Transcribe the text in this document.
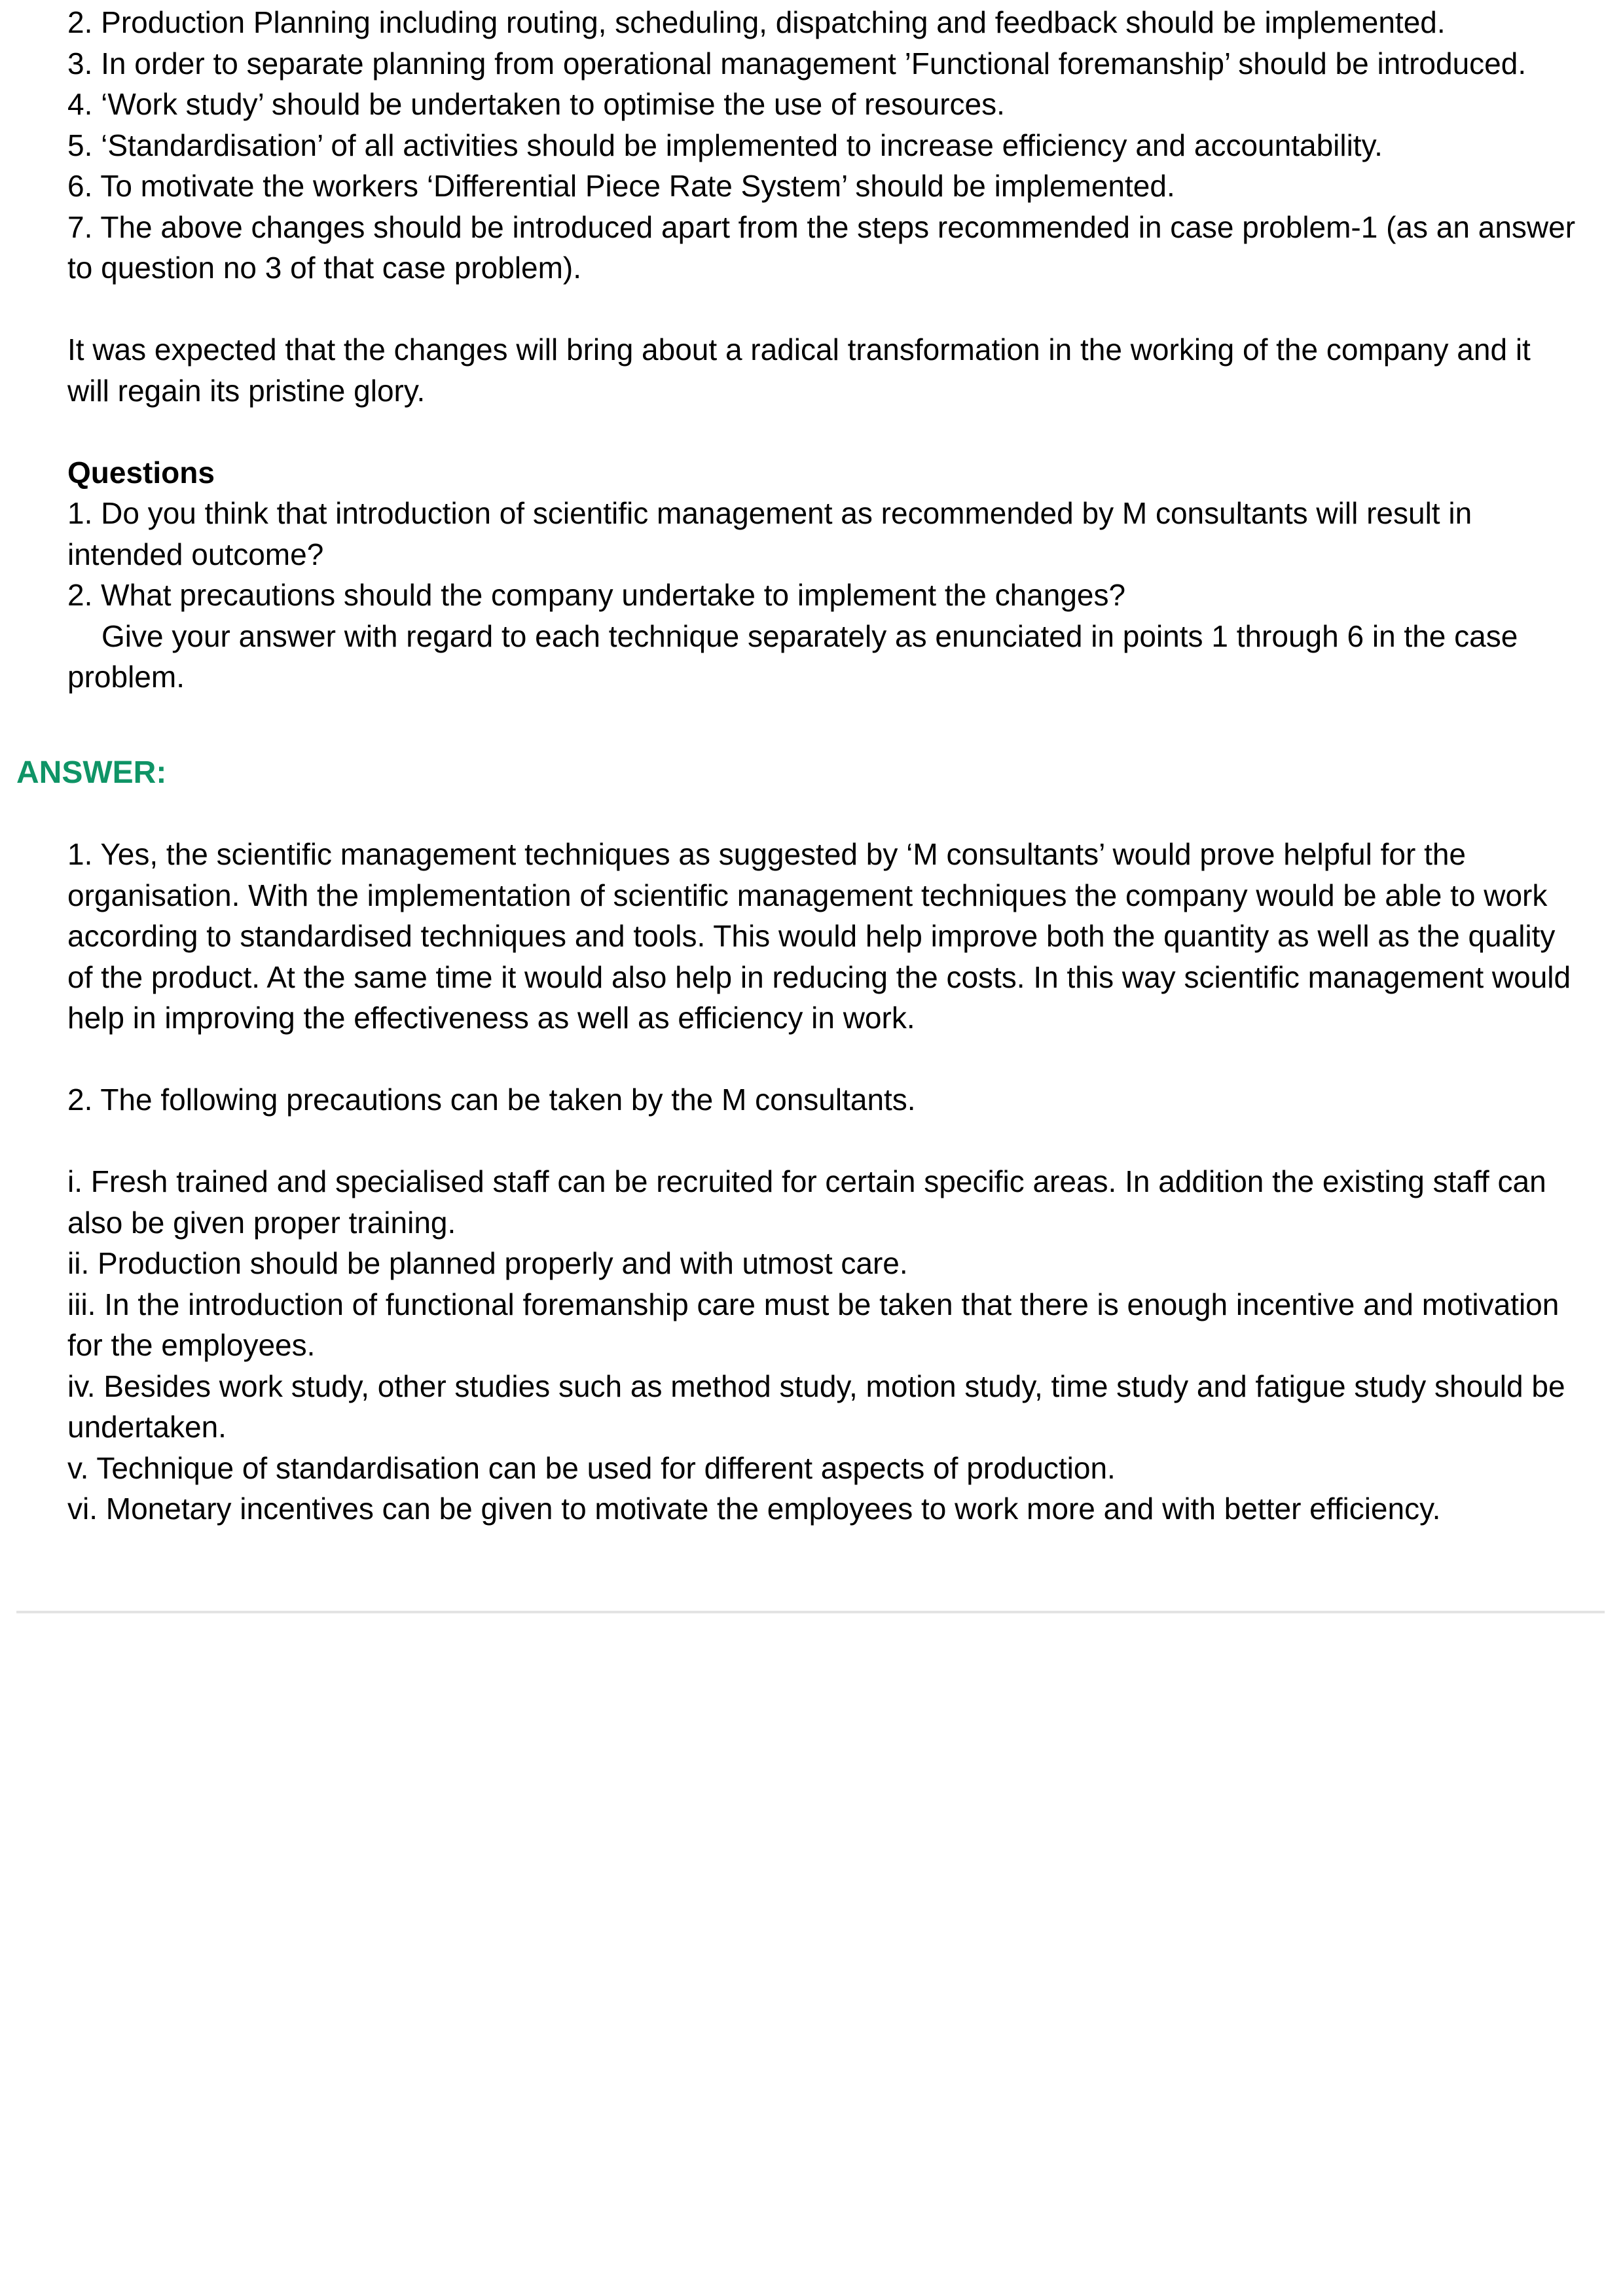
2. Production Planning including routing, scheduling, dispatching and feedback should be implemented.

3. In order to separate planning from operational management ’Functional foremanship’ should be introduced.

4. ‘Work study’ should be undertaken to optimise the use of resources.

5. ‘Standardisation’ of all activities should be implemented to increase efficiency and accountability.

6. To motivate the workers ‘Differential Piece Rate System’ should be implemented.

7. The above changes should be introduced apart from the steps recommended in case problem-1 (as an answer

to question no 3 of that case problem).

It was expected that the changes will bring about a radical transformation in the working of the company and it

will regain its pristine glory.

Questions

1. Do you think that introduction of scientific management as recommended by M consultants will result in

intended outcome?

2. What precautions should the company undertake to implement the changes?

Give your answer with regard to each technique separately as enunciated in points 1 through 6 in the case

problem.

ANSWER:

1. Yes, the scientific management techniques as suggested by ‘M consultants’ would prove helpful for the

organisation. With the implementation of scientific management techniques the company would be able to work

according to standardised techniques and tools. This would help improve both the quantity as well as the quality

of the product. At the same time it would also help in reducing the costs. In this way scientific management would

help in improving the effectiveness as well as efficiency in work.

2. The following precautions can be taken by the M consultants.

i. Fresh trained and specialised staff can be recruited for certain specific areas. In addition the existing staff can

also be given proper training.

ii. Production should be planned properly and with utmost care.

iii. In the introduction of functional foremanship care must be taken that there is enough incentive and motivation

for the employees.

iv. Besides work study, other studies such as method study, motion study, time study and fatigue study should be

undertaken.

v. Technique of standardisation can be used for different aspects of production.

vi. Monetary incentives can be given to motivate the employees to work more and with better efficiency.
